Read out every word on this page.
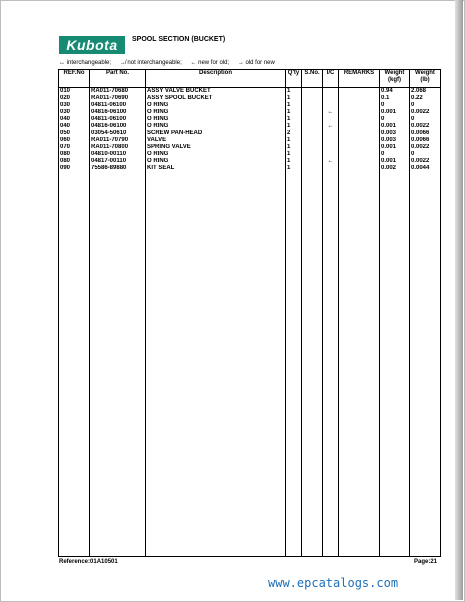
Kubota	SPOOL SECTION (BUCKET)
↔ interchangeable; ↛ not interchangeable; ← new for old; → old for new
REF.No	Part No.	Description	Q'ty	S.No.	I/C	REMARKS	Weight (kgf)	Weight (lb)
010	RA011-70680	ASSY VALVE BUCKET	1				0.94	2.068
020	RA011-70690	ASSY SPOOL BUCKET	1				0.1	0.22
030	04811-06100	O RING	1				0	0
030	04816-06100	O RING	1		←		0.001	0.0022
040	04811-06100	O RING	1				0	0
040	04816-06100	O RING	1		←		0.001	0.0022
050	03054-50610	SCREW PAN-HEAD	2				0.003	0.0066
060	RA011-70790	VALVE	1				0.003	0.0066
070	RA011-70800	SPRING VALVE	1				0.001	0.0022
080	04810-00110	O RING	1				0	0
080	04817-00110	O RING	1		←		0.001	0.0022
090	75586-89880	KIT SEAL	1				0.002	0.0044

Reference:01A10501	Page:21
www.epcatalogs.com
